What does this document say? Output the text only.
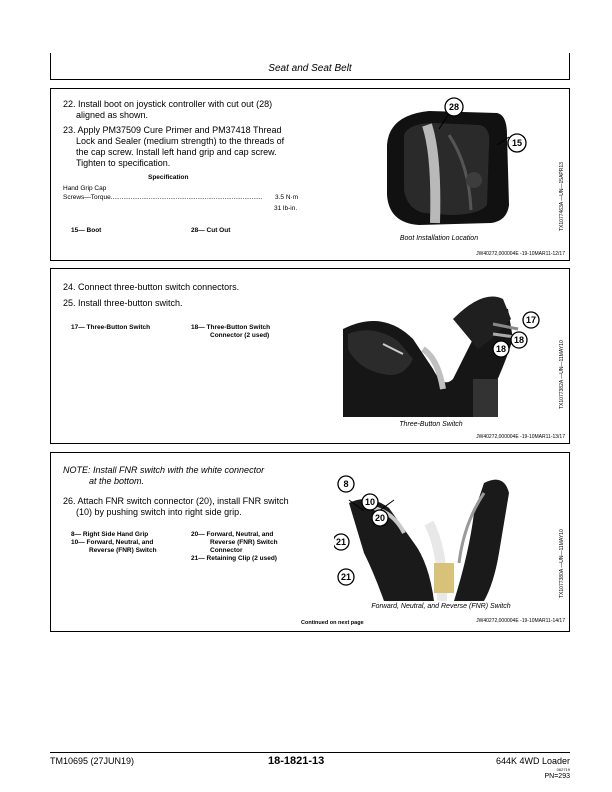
Seat and Seat Belt
22. Install boot on joystick controller with cut out (28)
aligned as shown.
23. Apply PM37509 Cure Primer and PM37418 Thread
Lock and Sealer (medium strength) to the threads of
the cap screw. Install left hand grip and cap screw.
Tighten to specification.
Specification
Hand Grip Cap
Screws—Torque....................................................................................	3.5 N·m
31 lb-in.
15— Boot	28— Cut Out
28
15
Boot Installation Location
TX1077463A —UN—15APR13
JW40272,000004E -19-10MAR11-12/17
24. Connect three-button switch connectors.
25. Install three-button switch.
17— Three-Button Switch	18— Three-Button Switch
Connector (2 used)
17
18
18
Three-Button Switch
TX1077382A —UN—11MAY10
JW40272,000004E -19-10MAR11-13/17
NOTE: Install FNR switch with the white connector
at the bottom.
26. Attach FNR switch connector (20), install FNR switch
(10) by pushing switch into right side grip.
8— Right Side Hand Grip
10— Forward, Neutral, and
Reverse (FNR) Switch
20— Forward, Neutral, and
Reverse (FNR) Switch
Connector
21— Retaining Clip (2 used)
8
10
20
21
21
Forward, Neutral, and Reverse (FNR) Switch
Continued on next page
TX1077380A —UN—11MAY10
JW40272,000004E -19-10MAR11-14/17
TM10695 (27JUN19)	18-1821-13	644K 4WD Loader
062719
PN=293
